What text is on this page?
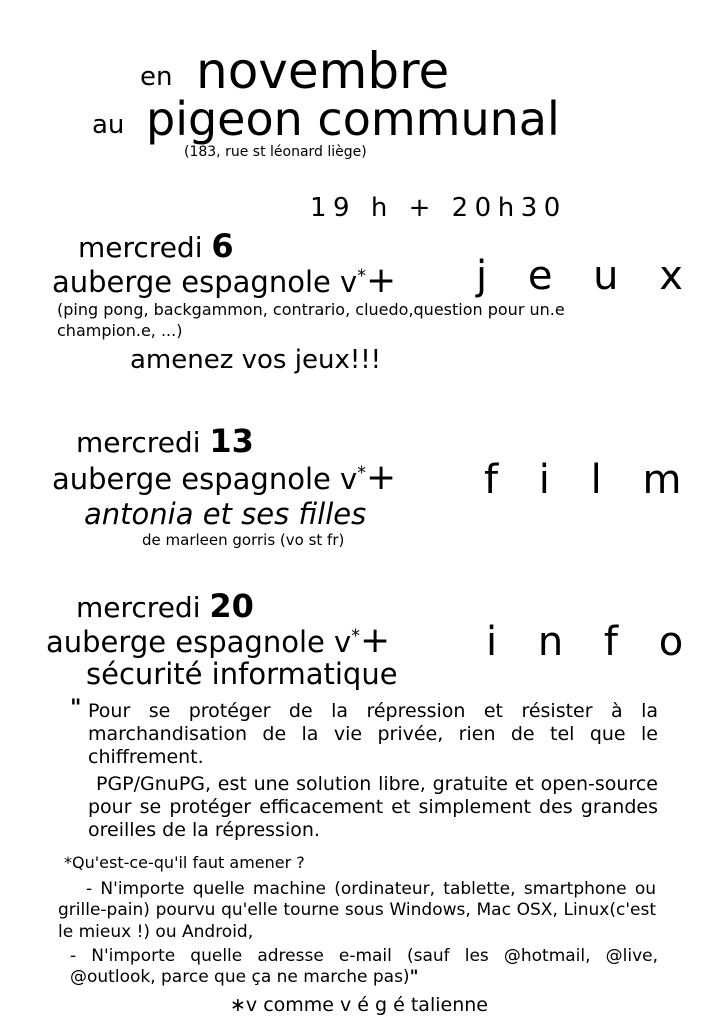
en novembre
au pigeon communal
(183, rue st léonard liège)
19 h + 20h30
mercredi 6
auberge espagnole v*+ j e u x
(ping pong, backgammon, contrario, cluedo,question pour un.e champion.e, ...)
amenez vos jeux!!!
mercredi 13
auberge espagnole v*+ f i l m
antonia et ses filles
de marleen gorris (vo st fr)
mercredi 20
auberge espagnole v*+ i n f o
sécurité informatique
" Pour se protéger de la répression et résister à la marchandisation de la vie privée, rien de tel que le chiffrement.
PGP/GnuPG, est une solution libre, gratuite et open-source pour se protéger efficacement et simplement des grandes oreilles de la répression.
*Qu'est-ce-qu'il faut amener ?
- N'importe quelle machine (ordinateur, tablette, smartphone ou grille-pain) pourvu qu'elle tourne sous Windows, Mac OSX, Linux(c'est le mieux !) ou Android,
- N'importe quelle adresse e-mail (sauf les @hotmail, @live, @outlook, parce que ça ne marche pas)"
∗v comme v é g é talienne
